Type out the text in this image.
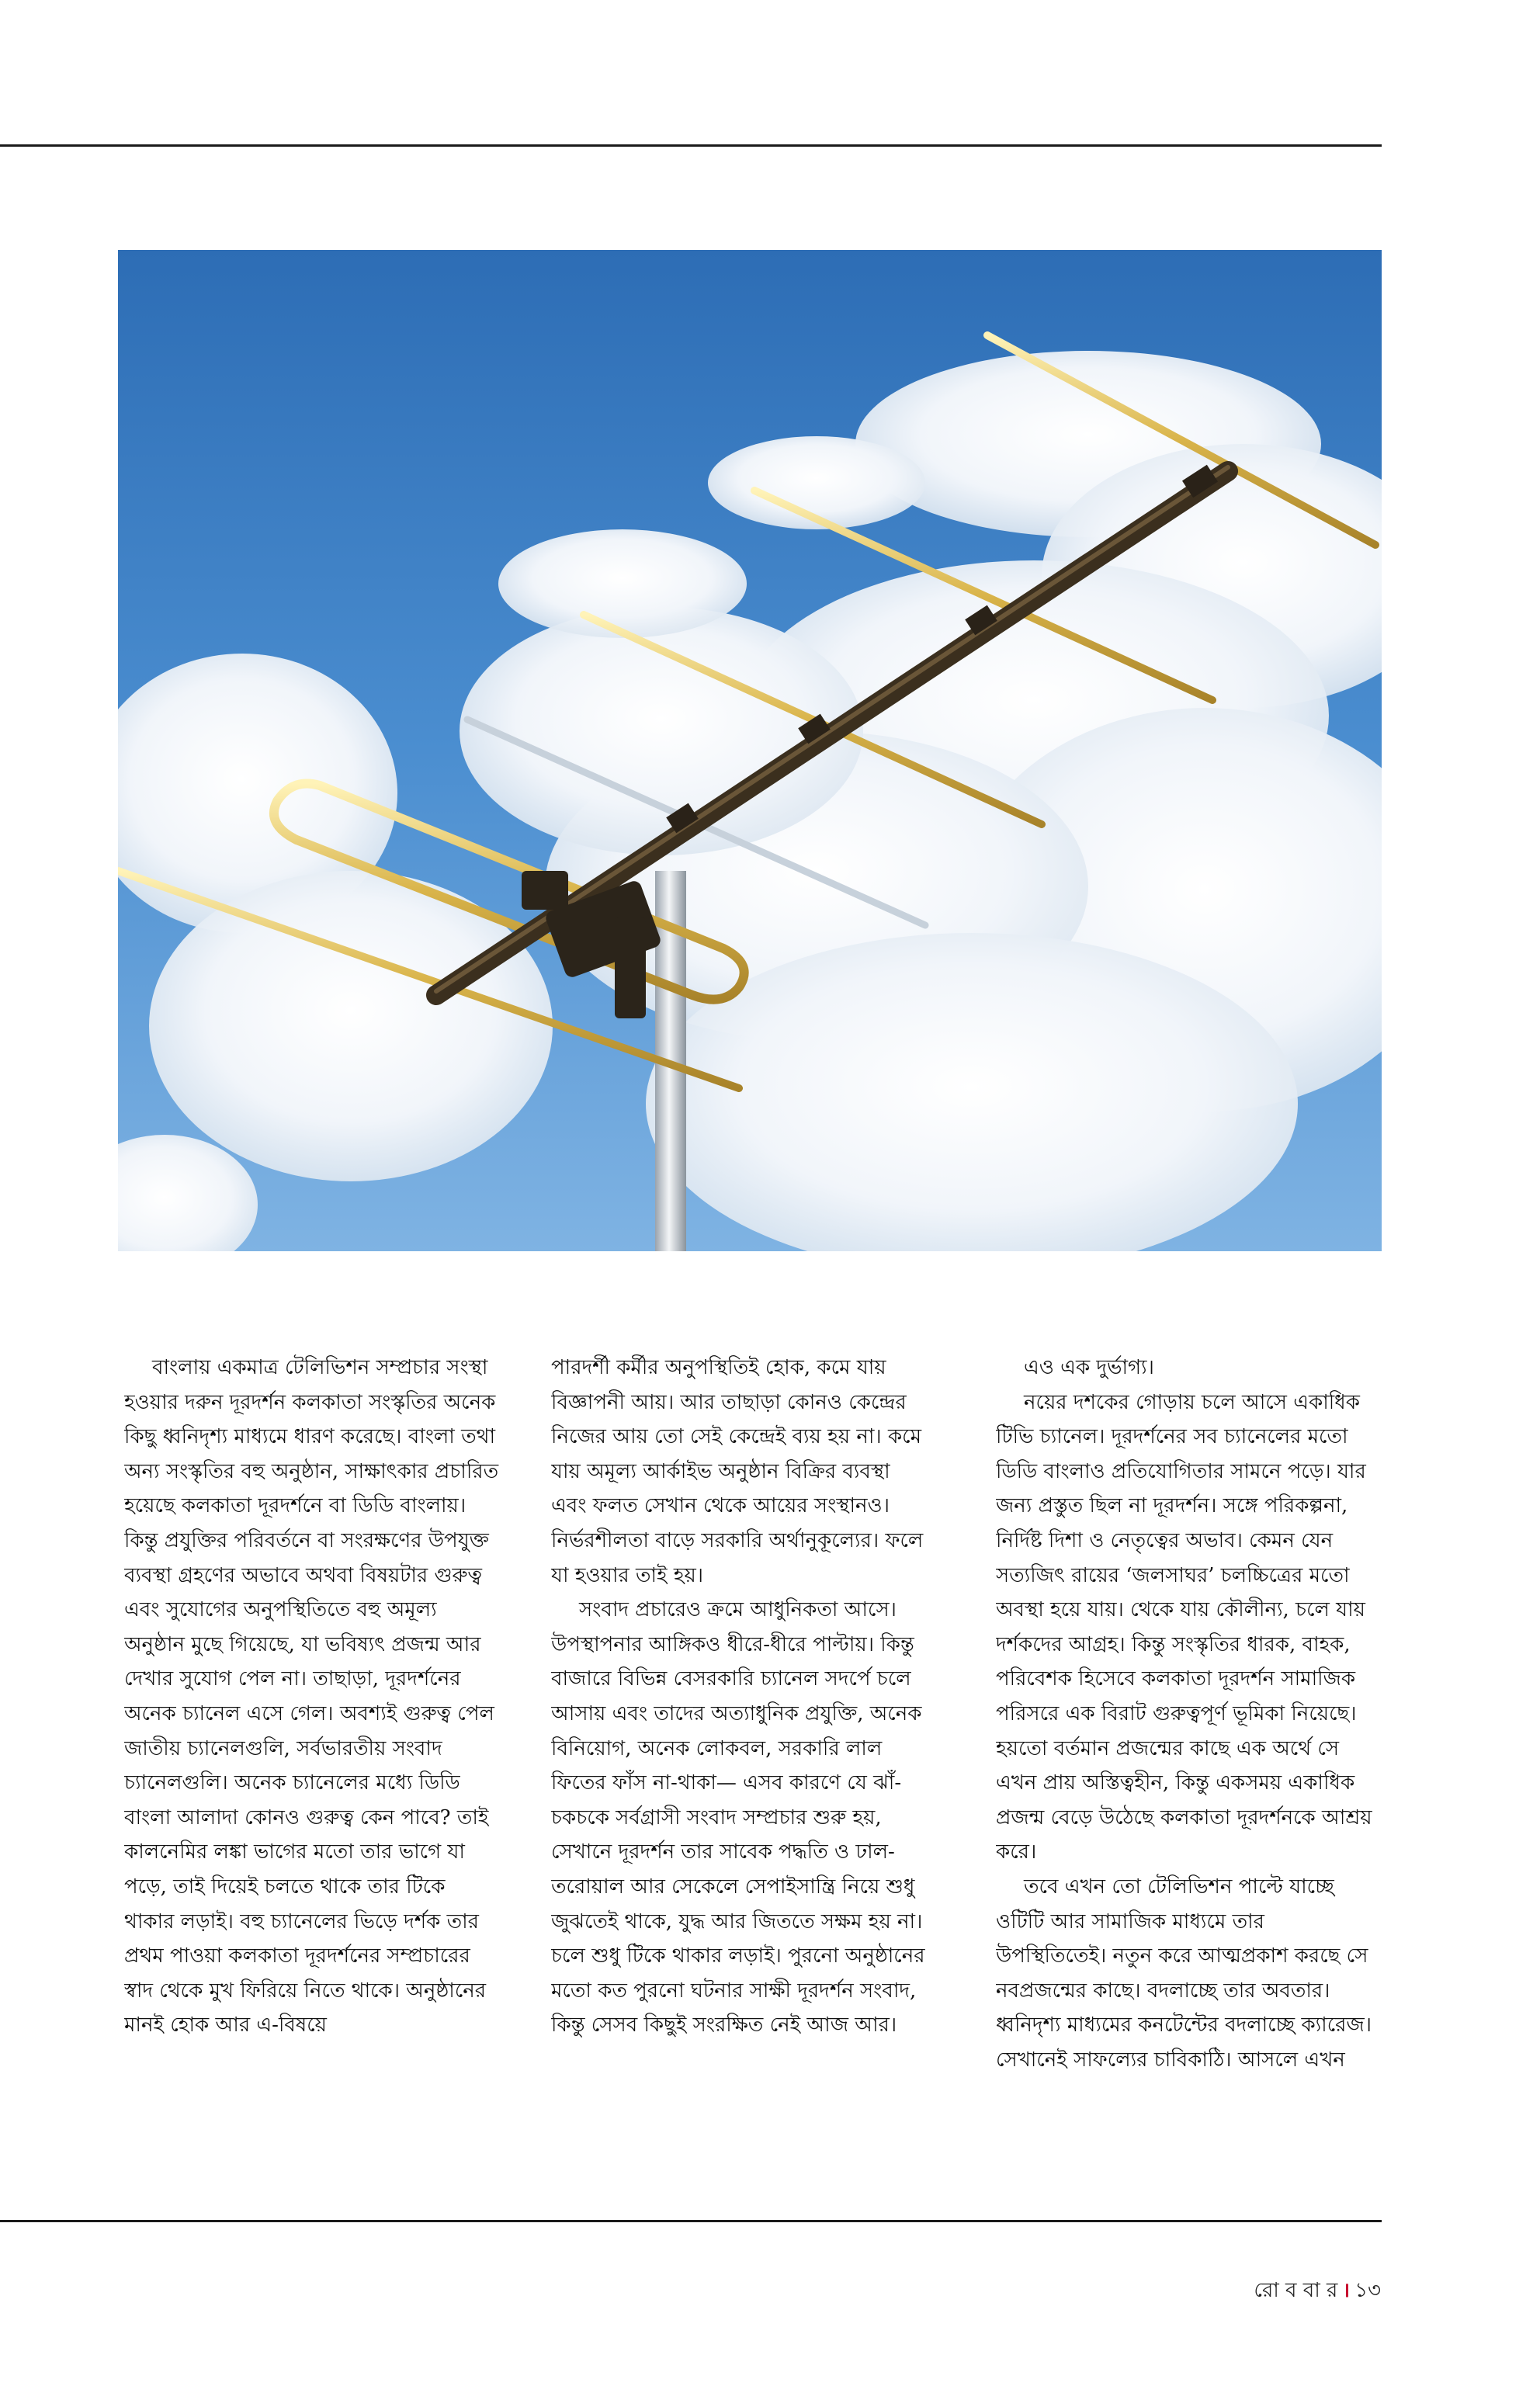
বাংলায় একমাত্র টেলিভিশন সম্প্রচার সংস্থা হওয়ার দরুন দূরদর্শন কলকাতা সংস্কৃতির অনেক কিছু ধ্বনিদৃশ্য মাধ্যমে ধারণ করেছে। বাংলা তথা অন্য সংস্কৃতির বহু অনুষ্ঠান, সাক্ষাৎকার প্রচারিত হয়েছে কলকাতা দূরদর্শনে বা ডিডি বাংলায়। কিন্তু প্রযুক্তির পরিবর্তনে বা সংরক্ষণের উপযুক্ত ব্যবস্থা গ্রহণের অভাবে অথবা বিষয়টার গুরুত্ব এবং সুযোগের অনুপস্থিতিতে বহু অমূল্য অনুষ্ঠান মুছে গিয়েছে, যা ভবিষ্যৎ প্রজন্ম আর দেখার সুযোগ পেল না। তাছাড়া, দূরদর্শনের অনেক চ্যানেল এসে গেল। অবশ্যই গুরুত্ব পেল জাতীয় চ্যানেলগুলি, সর্বভারতীয় সংবাদ চ্যানেলগুলি। অনেক চ্যানেলের মধ্যে ডিডি বাংলা আলাদা কোনও গুরুত্ব কেন পাবে? তাই কালনেমির লঙ্কা ভাগের মতো তার ভাগে যা পড়ে, তাই দিয়েই চলতে থাকে তার টিকে থাকার লড়াই। বহু চ্যানেলের ভিড়ে দর্শক তার প্রথম পাওয়া কলকাতা দূরদর্শনের সম্প্রচারের স্বাদ থেকে মুখ ফিরিয়ে নিতে থাকে। অনুষ্ঠানের মানই হোক আর এ-বিষয়ে

পারদর্শী কর্মীর অনুপস্থিতিই হোক, কমে যায় বিজ্ঞাপনী আয়। আর তাছাড়া কোনও কেন্দ্রের নিজের আয় তো সেই কেন্দ্রেই ব্যয় হয় না। কমে যায় অমূল্য আর্কাইভ অনুষ্ঠান বিক্রির ব্যবস্থা এবং ফলত সেখান থেকে আয়ের সংস্থানও। নির্ভরশীলতা বাড়ে সরকারি অর্থানুকূল্যের। ফলে যা হওয়ার তাই হয়।

সংবাদ প্রচারেও ক্রমে আধুনিকতা আসে। উপস্থাপনার আঙ্গিকও ধীরে-ধীরে পাল্টায়। কিন্তু বাজারে বিভিন্ন বেসরকারি চ্যানেল সদর্পে চলে আসায় এবং তাদের অত্যাধুনিক প্রযুক্তি, অনেক বিনিয়োগ, অনেক লোকবল, সরকারি লাল ফিতের ফাঁস না-থাকা— এসব কারণে যে ঝাঁ-চকচকে সর্বগ্রাসী সংবাদ সম্প্রচার শুরু হয়, সেখানে দূরদর্শন তার সাবেক পদ্ধতি ও ঢাল-তরোয়াল আর সেকেলে সেপাইসান্ত্রি নিয়ে শুধু জুঝতেই থাকে, যুদ্ধ আর জিততে সক্ষম হয় না। চলে শুধু টিকে থাকার লড়াই। পুরনো অনুষ্ঠানের মতো কত পুরনো ঘটনার সাক্ষী দূরদর্শন সংবাদ, কিন্তু সেসব কিছুই সংরক্ষিত নেই আজ আর।

এও এক দুর্ভাগ্য।

নয়ের দশকের গোড়ায় চলে আসে একাধিক টিভি চ্যানেল। দূরদর্শনের সব চ্যানেলের মতো ডিডি বাংলাও প্রতিযোগিতার সামনে পড়ে। যার জন্য প্রস্তুত ছিল না দূরদর্শন। সঙ্গে পরিকল্পনা, নির্দিষ্ট দিশা ও নেতৃত্বের অভাব। কেমন যেন সত্যজিৎ রায়ের ‘জলসাঘর’ চলচ্চিত্রের মতো অবস্থা হয়ে যায়। থেকে যায় কৌলীন্য, চলে যায় দর্শকদের আগ্রহ। কিন্তু সংস্কৃতির ধারক, বাহক, পরিবেশক হিসেবে কলকাতা দূরদর্শন সামাজিক পরিসরে এক বিরাট গুরুত্বপূর্ণ ভূমিকা নিয়েছে। হয়তো বর্তমান প্রজন্মের কাছে এক অর্থে সে এখন প্রায় অস্তিত্বহীন, কিন্তু একসময় একাধিক প্রজন্ম বেড়ে উঠেছে কলকাতা দূরদর্শনকে আশ্রয় করে।

তবে এখন তো টেলিভিশন পাল্টে যাচ্ছে ওটিটি আর সামাজিক মাধ্যমে তার উপস্থিতিতেই। নতুন করে আত্মপ্রকাশ করছে সে নবপ্রজন্মের কাছে। বদলাচ্ছে তার অবতার। ধ্বনিদৃশ্য মাধ্যমের কনটেন্টের বদলাচ্ছে ক্যারেজ। সেখানেই সাফল্যের চাবিকাঠি। আসলে এখন

রো ব বা র । ১৩
